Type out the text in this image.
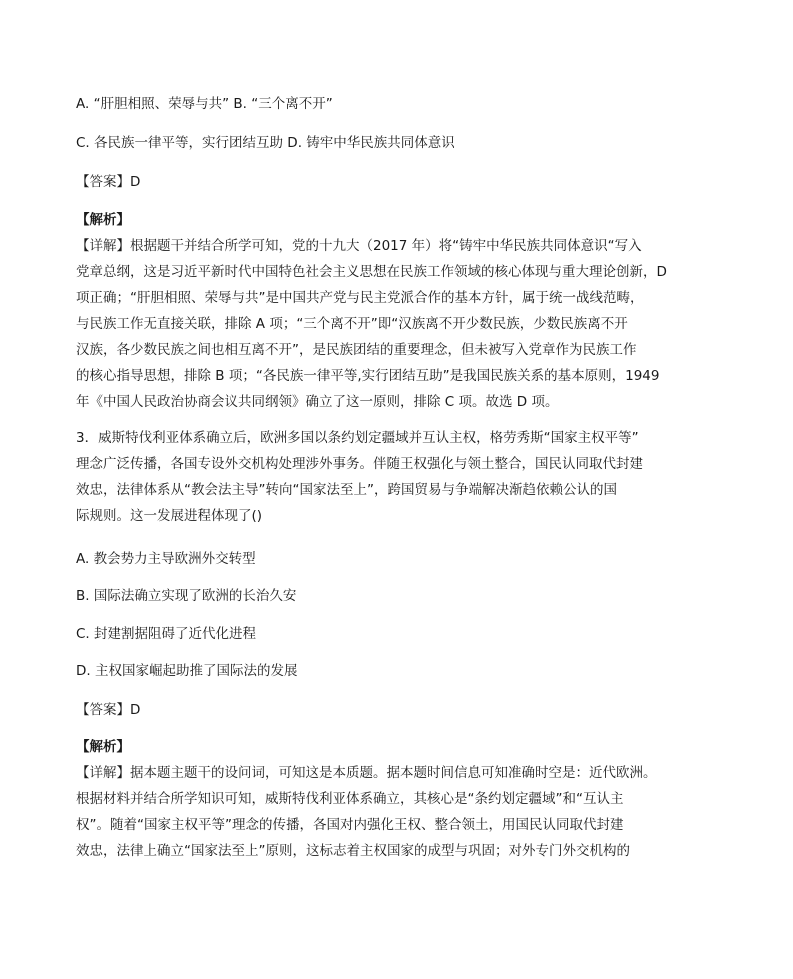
A. “肝胆相照、荣辱与共” B. “三个离不开”
C. 各民族一律平等，实行团结互助 D. 铸牢中华民族共同体意识
【答案】D
【解析】
【详解】根据题干并结合所学可知，党的十九大（2017 年）将“铸牢中华民族共同体意识“写入
党章总纲，这是习近平新时代中国特色社会主义思想在民族工作领域的核心体现与重大理论创新，D
项正确；“肝胆相照、荣辱与共”是中国共产党与民主党派合作的基本方针，属于统一战线范畴，
与民族工作无直接关联，排除 A 项；“三个离不开”即“汉族离不开少数民族，少数民族离不开
汉族，各少数民族之间也相互离不开”，是民族团结的重要理念，但未被写入党章作为民族工作
的核心指导思想，排除 B 项；“各民族一律平等,实行团结互助”是我国民族关系的基本原则，1949
年《中国人民政治协商会议共同纲领》确立了这一原则，排除 C 项。故选 D 项。
3．威斯特伐利亚体系确立后，欧洲多国以条约划定疆域并互认主权，格劳秀斯“国家主权平等”
理念广泛传播，各国专设外交机构处理涉外事务。伴随王权强化与领土整合，国民认同取代封建
效忠，法律体系从“教会法主导”转向“国家法至上”，跨国贸易与争端解决渐趋依赖公认的国
际规则。这一发展进程体现了()
A. 教会势力主导欧洲外交转型
B. 国际法确立实现了欧洲的长治久安
C. 封建割据阻碍了近代化进程
D. 主权国家崛起助推了国际法的发展
【答案】D
【解析】
【详解】据本题主题干的设问词，可知这是本质题。据本题时间信息可知准确时空是：近代欧洲。
根据材料并结合所学知识可知，威斯特伐利亚体系确立，其核心是“条约划定疆域”和“互认主
权”。随着“国家主权平等”理念的传播，各国对内强化王权、整合领土，用国民认同取代封建
效忠，法律上确立“国家法至上”原则，这标志着主权国家的成型与巩固；对外专门外交机构的
